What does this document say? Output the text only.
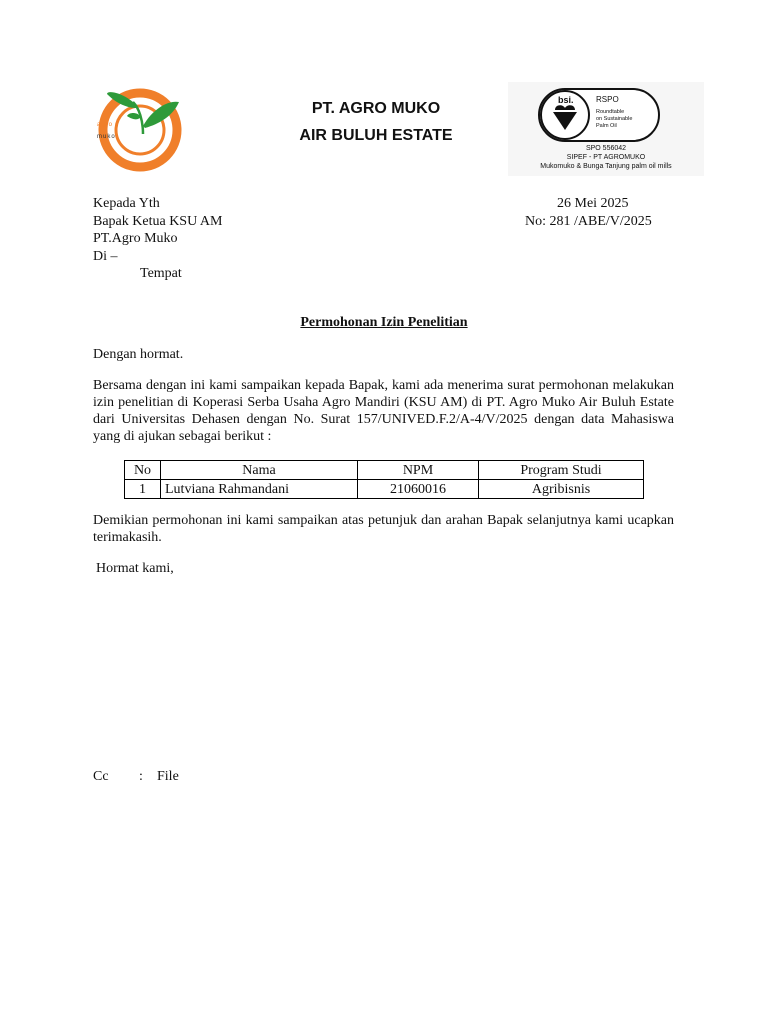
agro
muko
PT. AGRO MUKO
AIR BULUH ESTATE
bsi.	RSPO
Roundtable
on Sustainable
Palm Oil
SPO 556042
SIPEF - PT AGROMUKO
Mukomuko & Bunga Tanjung palm oil mills
Kepada Yth
Bapak Ketua KSU AM
PT.Agro Muko
Di –
Tempat
26 Mei 2025
No: 281 /ABE/V/2025
Permohonan Izin Penelitian
Dengan hormat.
Bersama dengan ini kami sampaikan kepada Bapak, kami ada menerima surat permohonan melakukan izin penelitian di Koperasi Serba Usaha Agro Mandiri (KSU AM) di PT. Agro Muko Air Buluh Estate dari Universitas Dehasen dengan No. Surat 157/UNIVED.F.2/A-4/V/2025 dengan data Mahasiswa yang di ajukan sebagai berikut :
No	Nama	NPM	Program Studi
1	Lutviana Rahmandani	21060016	Agribisnis
Demikian permohonan ini kami sampaikan atas petunjuk dan arahan Bapak selanjutnya kami ucapkan terimakasih.
Hormat kami,
Cc : File
